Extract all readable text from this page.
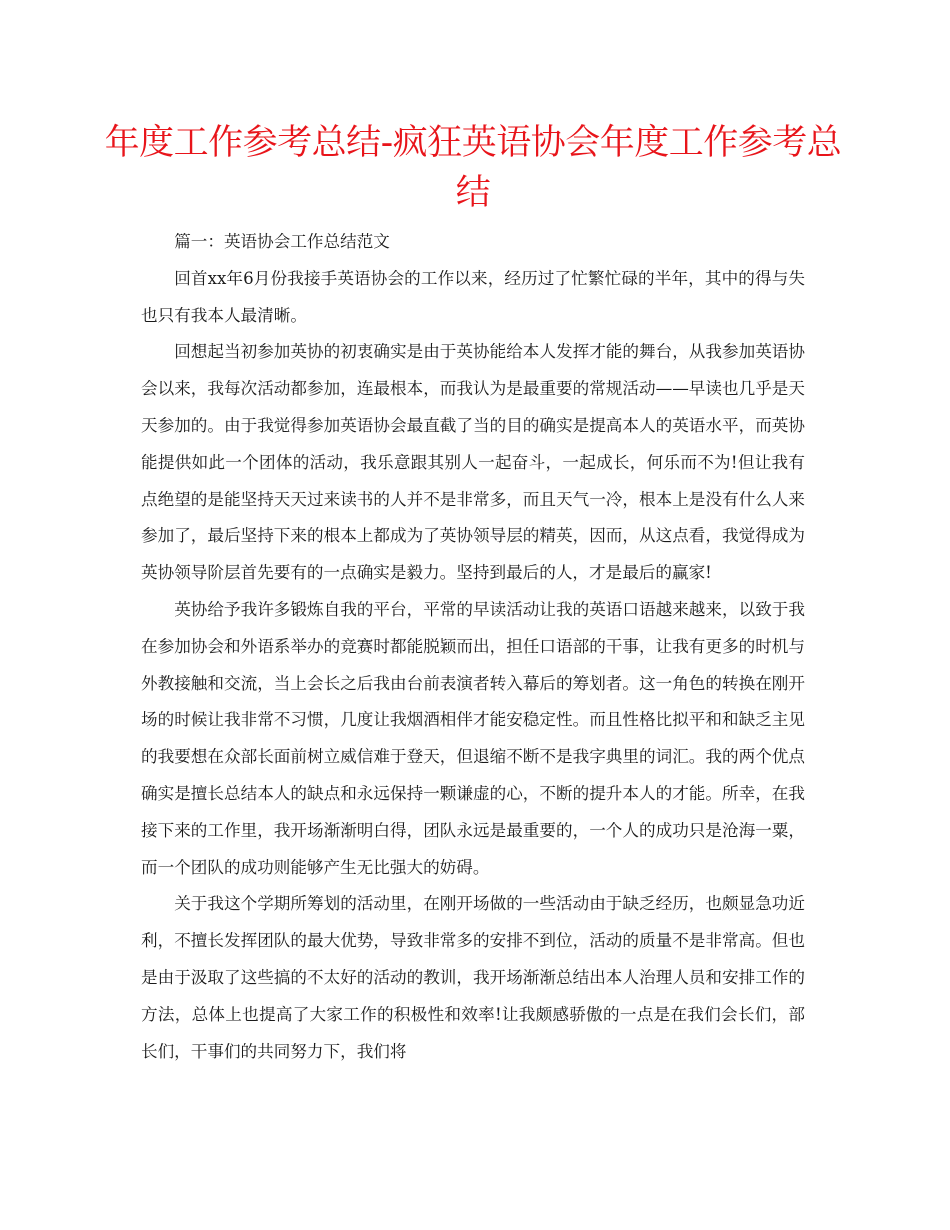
年度工作参考总结-疯狂英语协会年度工作参考总结

篇一：英语协会工作总结范文

回首xx年6月份我接手英语协会的工作以来，经历过了忙繁忙碌的半年，其中的得与失也只有我本人最清晰。

回想起当初参加英协的初衷确实是由于英协能给本人发挥才能的舞台，从我参加英语协会以来，我每次活动都参加，连最根本，而我认为是最重要的常规活动——早读也几乎是天天参加的。由于我觉得参加英语协会最直截了当的目的确实是提高本人的英语水平，而英协能提供如此一个团体的活动，我乐意跟其别人一起奋斗，一起成长，何乐而不为!但让我有点绝望的是能坚持天天过来读书的人并不是非常多，而且天气一冷，根本上是没有什么人来参加了，最后坚持下来的根本上都成为了英协领导层的精英，因而，从这点看，我觉得成为英协领导阶层首先要有的一点确实是毅力。坚持到最后的人，才是最后的赢家!

英协给予我许多锻炼自我的平台，平常的早读活动让我的英语口语越来越来，以致于我在参加协会和外语系举办的竞赛时都能脱颖而出，担任口语部的干事，让我有更多的时机与外教接触和交流，当上会长之后我由台前表演者转入幕后的筹划者。这一角色的转换在刚开场的时候让我非常不习惯，几度让我烟酒相伴才能安稳定性。而且性格比拟平和和缺乏主见的我要想在众部长面前树立威信难于登天，但退缩不断不是我字典里的词汇。我的两个优点确实是擅长总结本人的缺点和永远保持一颗谦虚的心，不断的提升本人的才能。所幸，在我接下来的工作里，我开场渐渐明白得，团队永远是最重要的，一个人的成功只是沧海一粟，而一个团队的成功则能够产生无比强大的妨碍。

关于我这个学期所筹划的活动里，在刚开场做的一些活动由于缺乏经历，也颇显急功近利，不擅长发挥团队的最大优势，导致非常多的安排不到位，活动的质量不是非常高。但也是由于汲取了这些搞的不太好的活动的教训，我开场渐渐总结出本人治理人员和安排工作的方法，总体上也提高了大家工作的积极性和效率!让我颇感骄傲的一点是在我们会长们，部长们，干事们的共同努力下，我们将
